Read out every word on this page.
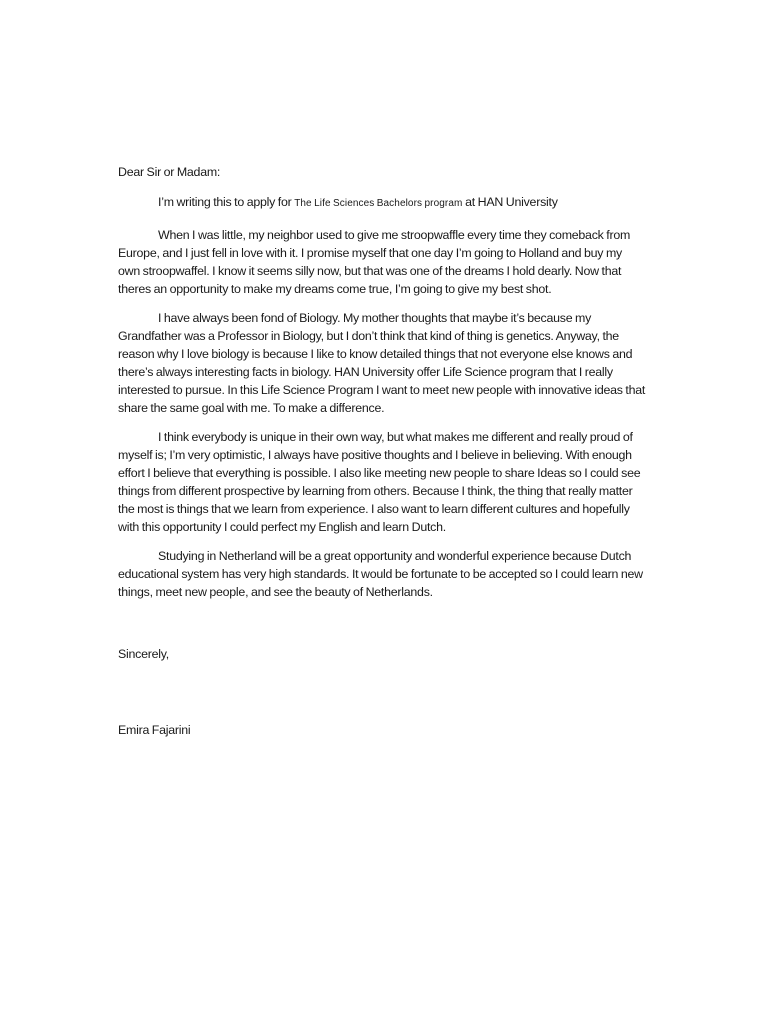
Dear Sir or Madam:

I’m writing this to apply for The Life Sciences Bachelors program at HAN University

When I was little, my neighbor used to give me stroopwaffle every time they comeback from Europe, and I just fell in love with it. I promise myself that one day I’m going to Holland and buy my own stroopwaffel. I know it seems silly now, but that was one of the dreams I hold dearly. Now that theres an opportunity to make my dreams come true, I’m going to give my best shot.

I have always been fond of Biology. My mother thoughts that maybe it’s because my Grandfather was a Professor in Biology, but I don’t think that kind of thing is genetics. Anyway, the reason why I love biology is because I like to know detailed things that not everyone else knows and there’s always interesting facts in biology. HAN University offer Life Science program that I really interested to pursue. In this Life Science Program I want to meet new people with innovative ideas that share the same goal with me. To make a difference.

I think everybody is unique in their own way, but what makes me different and really proud of myself is; I’m very optimistic, I always have positive thoughts and I believe in believing. With enough effort I believe that everything is possible. I also like meeting new people to share Ideas so I could see things from different prospective by learning from others. Because I think, the thing that really matter the most is things that we learn from experience. I also want to learn different cultures and hopefully with this opportunity I could perfect my English and learn Dutch.

Studying in Netherland will be a great opportunity and wonderful experience because Dutch educational system has very high standards. It would be fortunate to be accepted so I could learn new things, meet new people, and see the beauty of Netherlands.

Sincerely,

Emira Fajarini
